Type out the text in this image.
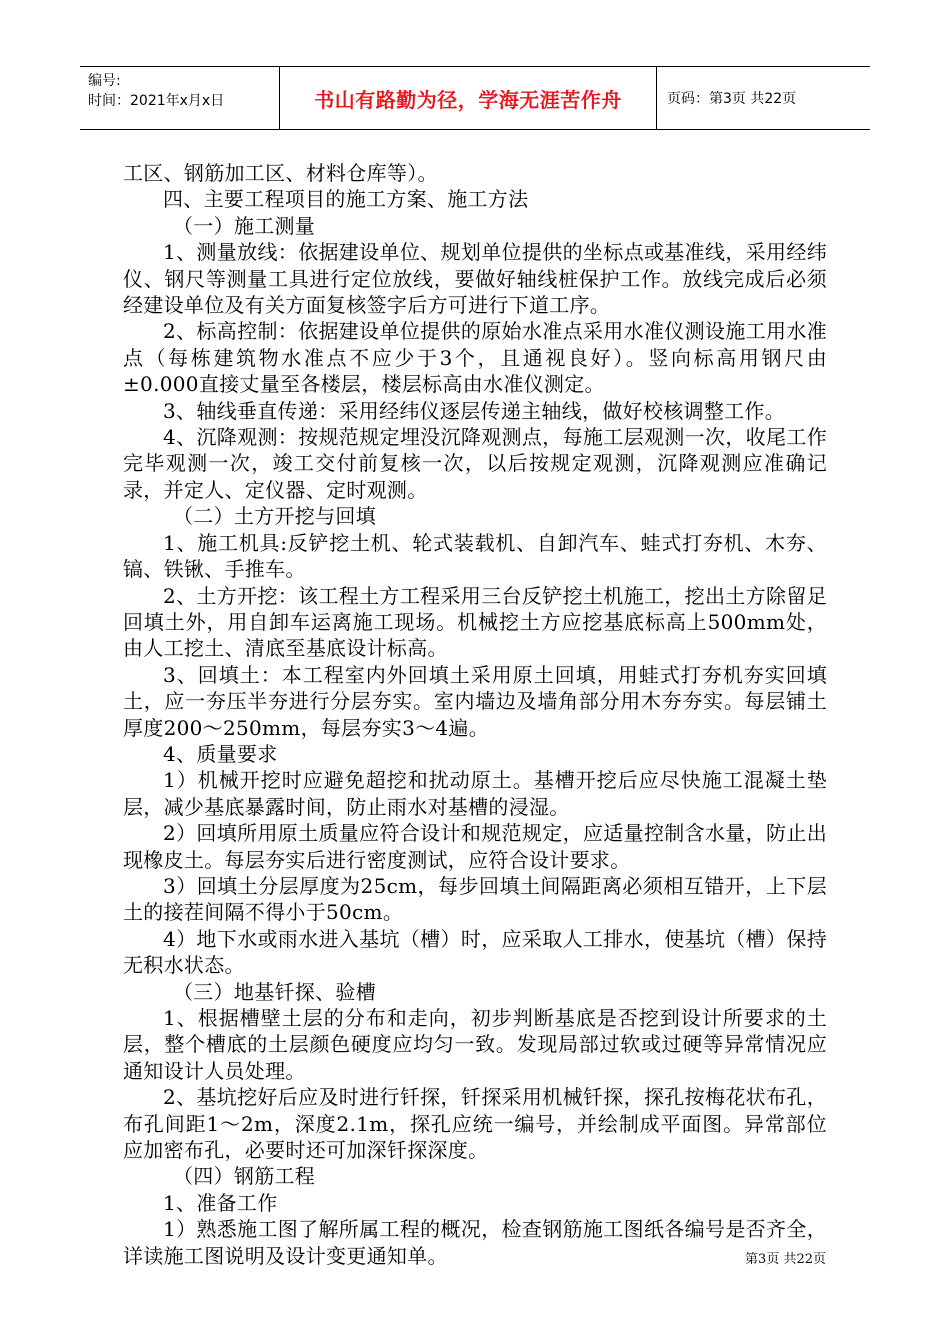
编号:
时间：2021年x月x日	书山有路勤为径，学海无涯苦作舟	页码：第3页 共22页

工区、钢筋加工区、材料仓库等）。

四、主要工程项目的施工方案、施工方法

（一）施工测量

1、测量放线：依据建设单位、规划单位提供的坐标点或基准线，采用经纬仪、钢尺等测量工具进行定位放线，要做好轴线桩保护工作。放线完成后必须经建设单位及有关方面复核签字后方可进行下道工序。

2、标高控制：依据建设单位提供的原始水准点采用水准仪测设施工用水准点（每栋建筑物水准点不应少于3个，且通视良好）。竖向标高用钢尺由±0.000直接丈量至各楼层，楼层标高由水准仪测定。

3、轴线垂直传递：采用经纬仪逐层传递主轴线，做好校核调整工作。

4、沉降观测：按规范规定埋没沉降观测点，每施工层观测一次，收尾工作完毕观测一次，竣工交付前复核一次，以后按规定观测，沉降观测应准确记录，并定人、定仪器、定时观测。

（二）土方开挖与回填

1、施工机具:反铲挖土机、轮式装载机、自卸汽车、蛙式打夯机、木夯、镐、铁锹、手推车。

2、土方开挖：该工程土方工程采用三台反铲挖土机施工，挖出土方除留足回填土外，用自卸车运离施工现场。机械挖土方应挖基底标高上500mm处，由人工挖土、清底至基底设计标高。

3、回填土：本工程室内外回填土采用原土回填，用蛙式打夯机夯实回填土，应一夯压半夯进行分层夯实。室内墙边及墙角部分用木夯夯实。每层铺土厚度200～250mm，每层夯实3～4遍。

4、质量要求

1）机械开挖时应避免超挖和扰动原土。基槽开挖后应尽快施工混凝土垫层，减少基底暴露时间，防止雨水对基槽的浸湿。

2）回填所用原土质量应符合设计和规范规定，应适量控制含水量，防止出现橡皮土。每层夯实后进行密度测试，应符合设计要求。

3）回填土分层厚度为25cm，每步回填土间隔距离必须相互错开，上下层土的接茬间隔不得小于50cm。

4）地下水或雨水进入基坑（槽）时，应采取人工排水，使基坑（槽）保持无积水状态。

（三）地基钎探、验槽

1、根据槽壁土层的分布和走向，初步判断基底是否挖到设计所要求的土层，整个槽底的土层颜色硬度应均匀一致。发现局部过软或过硬等异常情况应通知设计人员处理。

2、基坑挖好后应及时进行钎探，钎探采用机械钎探，探孔按梅花状布孔，布孔间距1～2m，深度2.1m，探孔应统一编号，并绘制成平面图。异常部位应加密布孔，必要时还可加深钎探深度。

（四）钢筋工程

1、准备工作

1）熟悉施工图了解所属工程的概况，检查钢筋施工图纸各编号是否齐全，详读施工图说明及设计变更通知单。	第3页 共22页
